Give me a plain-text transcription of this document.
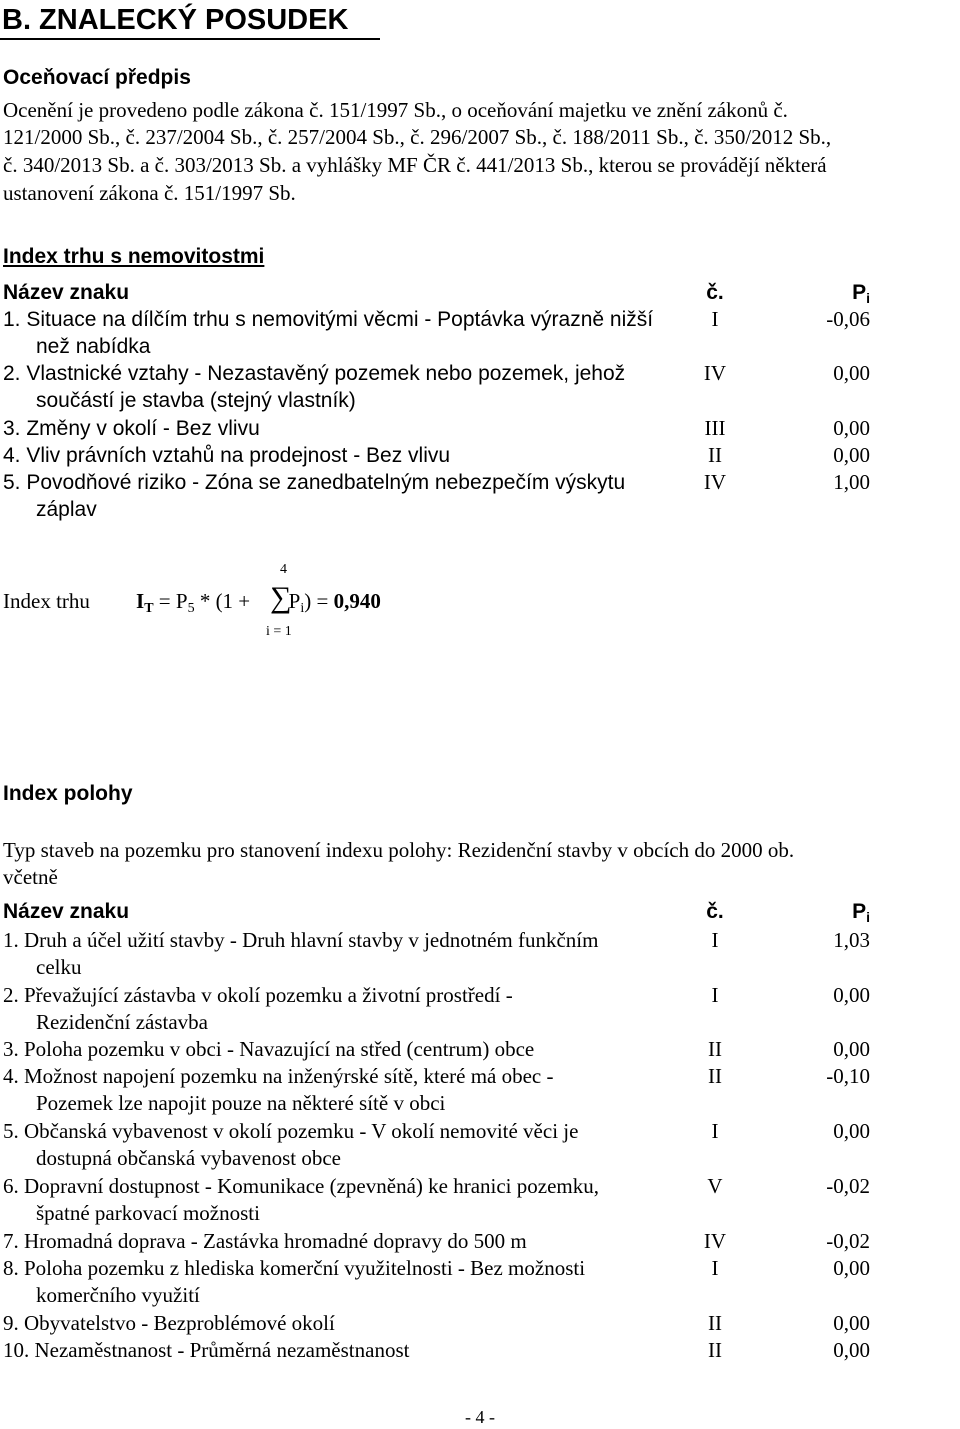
B. ZNALECKÝ POSUDEK
Oceňovací předpis
Ocenění je provedeno podle zákona č. 151/1997 Sb., o oceňování majetku ve znění zákonů č.
121/2000 Sb., č. 237/2004 Sb., č. 257/2004 Sb., č. 296/2007 Sb., č. 188/2011 Sb., č. 350/2012 Sb.,
č. 340/2013 Sb. a č. 303/2013 Sb. a vyhlášky MF ČR č. 441/2013 Sb., kterou se provádějí některá
ustanovení zákona č. 151/1997 Sb.
Index trhu s nemovitostmi
Název znaku	č.	$P_i$
1. Situace na dílčím trhu s nemovitými věcmi - Poptávka výrazně nižší
než nabídka
I	-0,06
2. Vlastnické vztahy - Nezastavěný pozemek nebo pozemek, jehož
součástí je stavba (stejný vlastník)
IV	0,00
3. Změny v okolí - Bez vlivu	III	0,00
4. Vliv právních vztahů na prodejnost - Bez vlivu	II	0,00
5. Povodňové riziko - Zóna se zanedbatelným nebezpečím výskytu
záplav
IV	1,00
Index trhu $I_T = P_5 * (1 + P_i) = 0,940$
∑
4
i = 1
Index polohy
Typ staveb na pozemku pro stanovení indexu polohy: Rezidenční stavby v obcích do 2000 ob.
včetně
Název znaku	č.	$P_i$
1. Druh a účel užití stavby - Druh hlavní stavby v jednotném funkčním
celku
I	1,03
2. Převažující zástavba v okolí pozemku a životní prostředí -
Rezidenční zástavba
I	0,00
3. Poloha pozemku v obci - Navazující na střed (centrum) obce	II	0,00
4. Možnost napojení pozemku na inženýrské sítě, které má obec -
Pozemek lze napojit pouze na některé sítě v obci
II	-0,10
5. Občanská vybavenost v okolí pozemku - V okolí nemovité věci je
dostupná občanská vybavenost obce
I	0,00
6. Dopravní dostupnost - Komunikace (zpevněná) ke hranici pozemku,
špatné parkovací možnosti
V	-0,02
7. Hromadná doprava - Zastávka hromadné dopravy do 500 m	IV	-0,02
8. Poloha pozemku z hlediska komerční využitelnosti - Bez možnosti
komerčního využití
I	0,00
9. Obyvatelstvo - Bezproblémové okolí	II	0,00
10. Nezaměstnanost - Průměrná nezaměstnanost	II	0,00
- 4 -
